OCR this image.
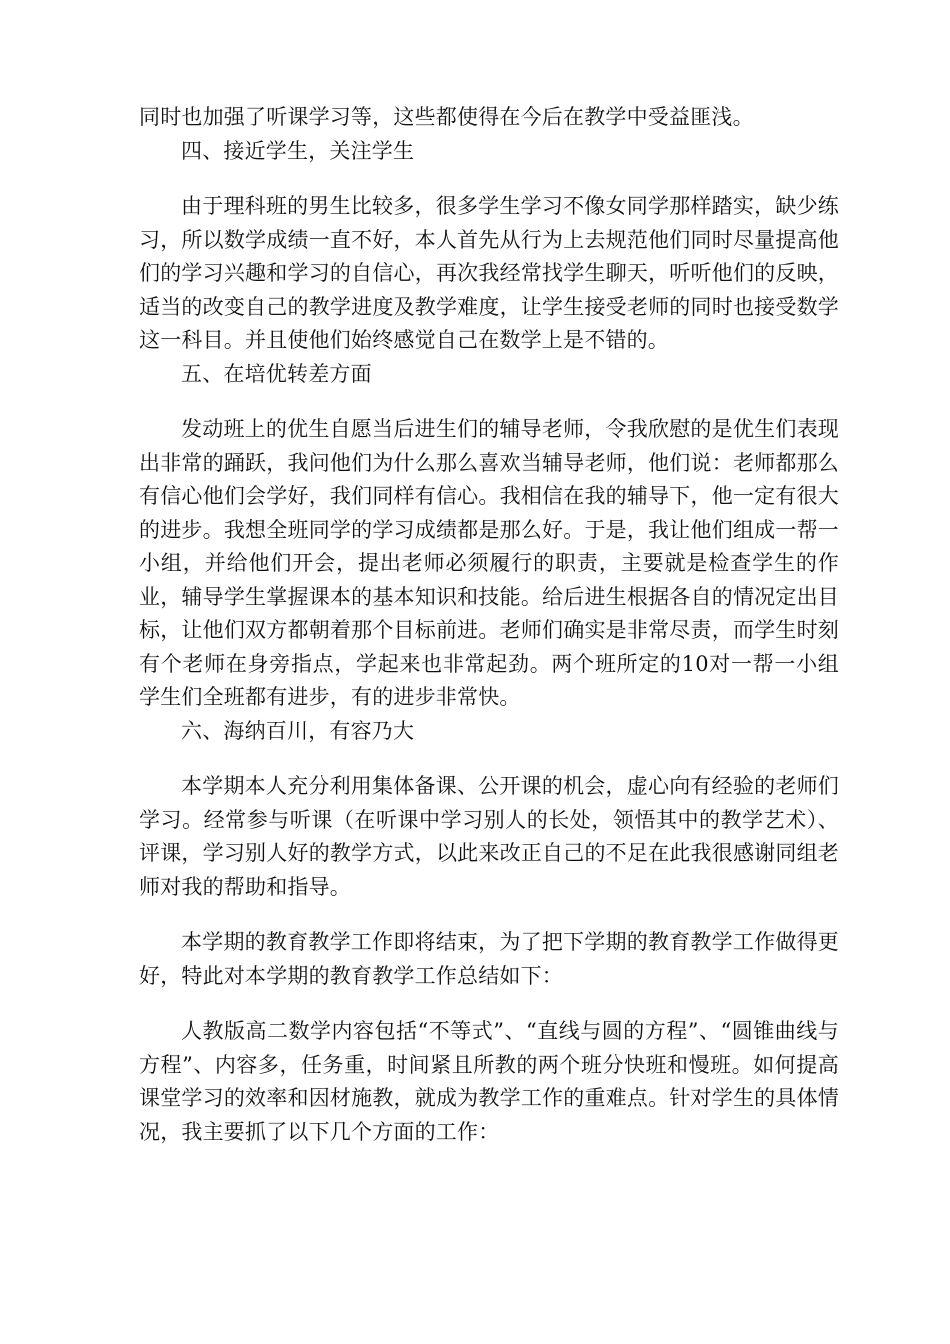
同时也加强了听课学习等，这些都使得在今后在教学中受益匪浅。

四、接近学生，关注学生

由于理科班的男生比较多，很多学生学习不像女同学那样踏实，缺少练习，所以数学成绩一直不好，本人首先从行为上去规范他们同时尽量提高他们的学习兴趣和学习的自信心，再次我经常找学生聊天，听听他们的反映，适当的改变自己的教学进度及教学难度，让学生接受老师的同时也接受数学这一科目。并且使他们始终感觉自己在数学上是不错的。

五、在培优转差方面

发动班上的优生自愿当后进生们的辅导老师，令我欣慰的是优生们表现出非常的踊跃，我问他们为什么那么喜欢当辅导老师，他们说：老师都那么有信心他们会学好，我们同样有信心。我相信在我的辅导下，他一定有很大的进步。我想全班同学的学习成绩都是那么好。于是，我让他们组成一帮一小组，并给他们开会，提出老师必须履行的职责，主要就是检查学生的作业，辅导学生掌握课本的基本知识和技能。给后进生根据各自的情况定出目标，让他们双方都朝着那个目标前进。老师们确实是非常尽责，而学生时刻有个老师在身旁指点，学起来也非常起劲。两个班所定的10对一帮一小组学生们全班都有进步，有的进步非常快。

六、海纳百川，有容乃大

本学期本人充分利用集体备课、公开课的机会，虚心向有经验的老师们学习。经常参与听课（在听课中学习别人的长处，领悟其中的教学艺术）、评课，学习别人好的教学方式，以此来改正自己的不足在此我很感谢同组老师对我的帮助和指导。

本学期的教育教学工作即将结束，为了把下学期的教育教学工作做得更好，特此对本学期的教育教学工作总结如下：

人教版高二数学内容包括“不等式”、“直线与圆的方程”、“圆锥曲线与方程”、内容多，任务重，时间紧且所教的两个班分快班和慢班。如何提高课堂学习的效率和因材施教，就成为教学工作的重难点。针对学生的具体情况，我主要抓了以下几个方面的工作：
